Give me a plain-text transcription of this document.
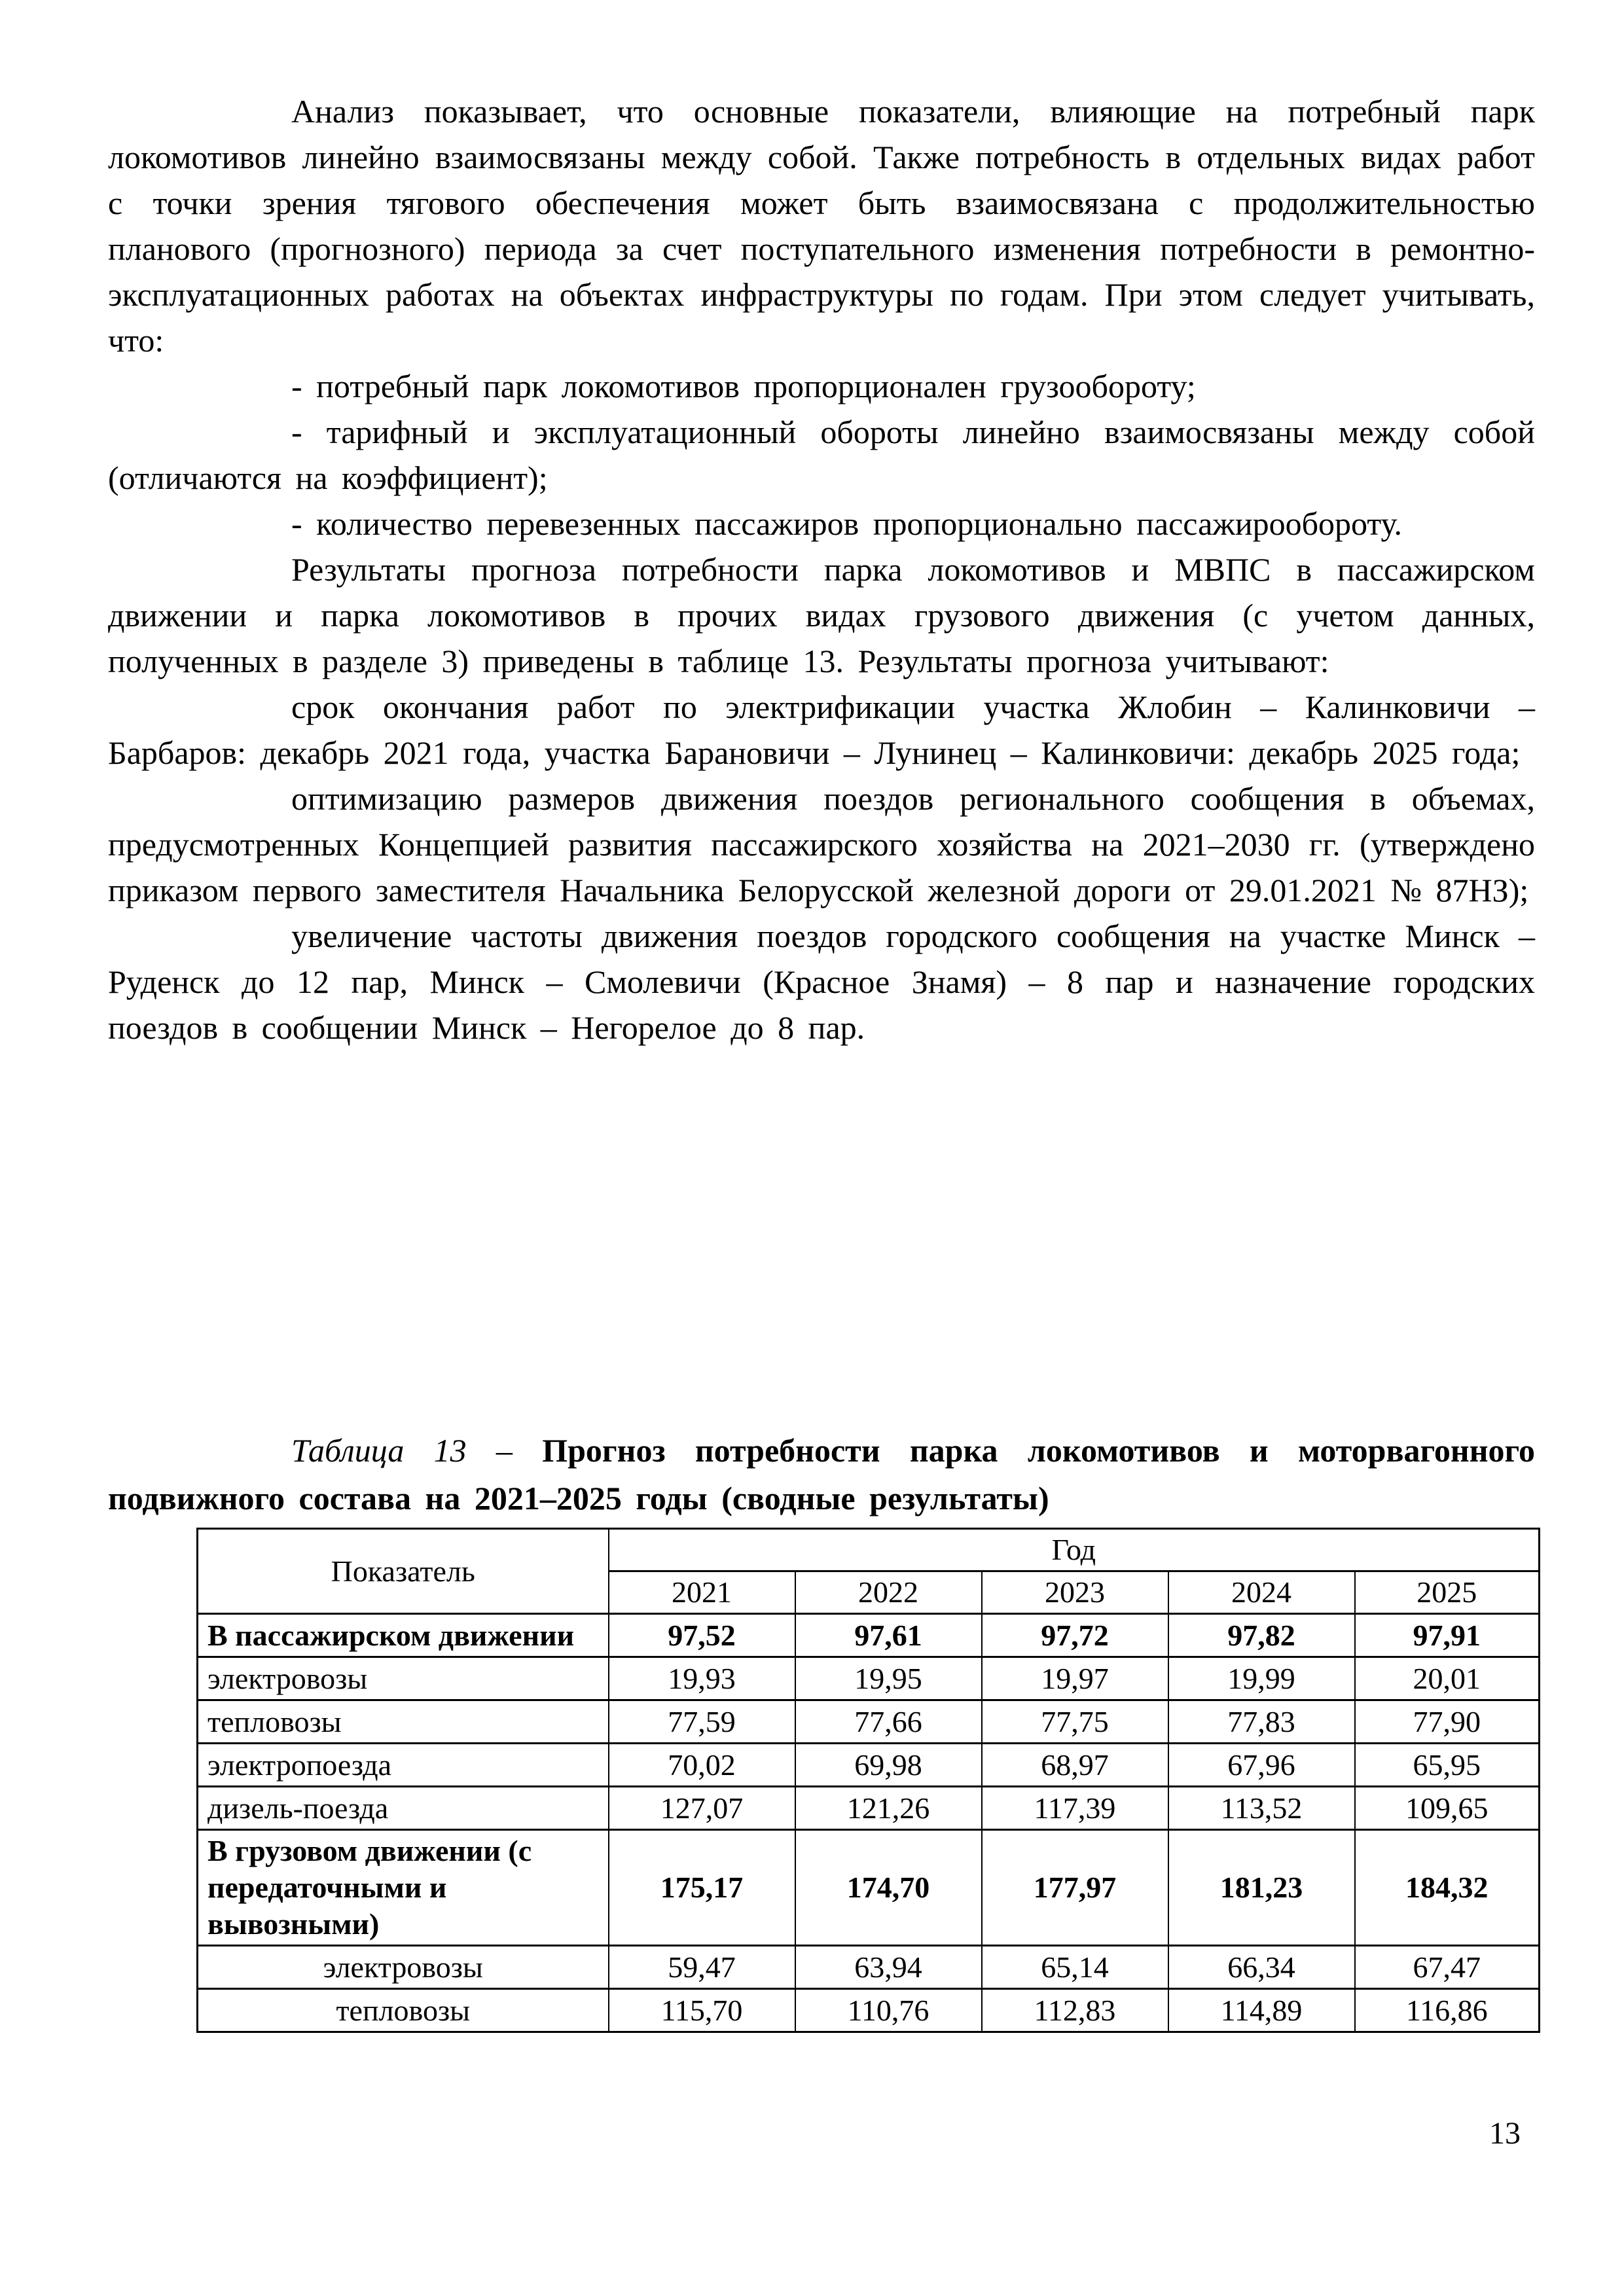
Анализ показывает, что основные показатели, влияющие на потребный парк локомотивов линейно взаимосвязаны между собой. Также потребность в отдельных видах работ с точки зрения тягового обеспечения может быть взаимосвязана с продолжительностью планового (прогнозного) периода за счет поступательного изменения потребности в ремонтно-эксплуатационных работах на объектах инфраструктуры по годам. При этом следует учитывать, что:

- потребный парк локомотивов пропорционален грузообороту;

- тарифный и эксплуатационный обороты линейно взаимосвязаны между собой (отличаются на коэффициент);

- количество перевезенных пассажиров пропорционально пассажирообороту.

Результаты прогноза потребности парка локомотивов и МВПС в пассажирском движении и парка локомотивов в прочих видах грузового движения (с учетом данных, полученных в разделе 3) приведены в таблице 13. Результаты прогноза учитывают:

срок окончания работ по электрификации участка Жлобин – Калинковичи – Барбаров: декабрь 2021 года, участка Барановичи – Лунинец – Калинковичи: декабрь 2025 года;

оптимизацию размеров движения поездов регионального сообщения в объемах, предусмотренных Концепцией развития пассажирского хозяйства на 2021–2030 гг. (утверждено приказом первого заместителя Начальника Белорусской железной дороги от 29.01.2021 № 87НЗ);

увеличение частоты движения поездов городского сообщения на участке Минск – Руденск до 12 пар, Минск – Смолевичи (Красное Знамя) – 8 пар и назначение городских поездов в сообщении Минск – Негорелое до 8 пар.

Таблица 13 – Прогноз потребности парка локомотивов и моторвагонного подвижного состава на 2021–2025 годы (сводные результаты)

Показатель	Год				
	2021	2022	2023	2024	2025
В пассажирском движении	97,52	97,61	97,72	97,82	97,91
электровозы	19,93	19,95	19,97	19,99	20,01
тепловозы	77,59	77,66	77,75	77,83	77,90
электропоезда	70,02	69,98	68,97	67,96	65,95
дизель-поезда	127,07	121,26	117,39	113,52	109,65
В грузовом движении (с передаточными и вывозными)	175,17	174,70	177,97	181,23	184,32
электровозы	59,47	63,94	65,14	66,34	67,47
тепловозы	115,70	110,76	112,83	114,89	116,86
13
